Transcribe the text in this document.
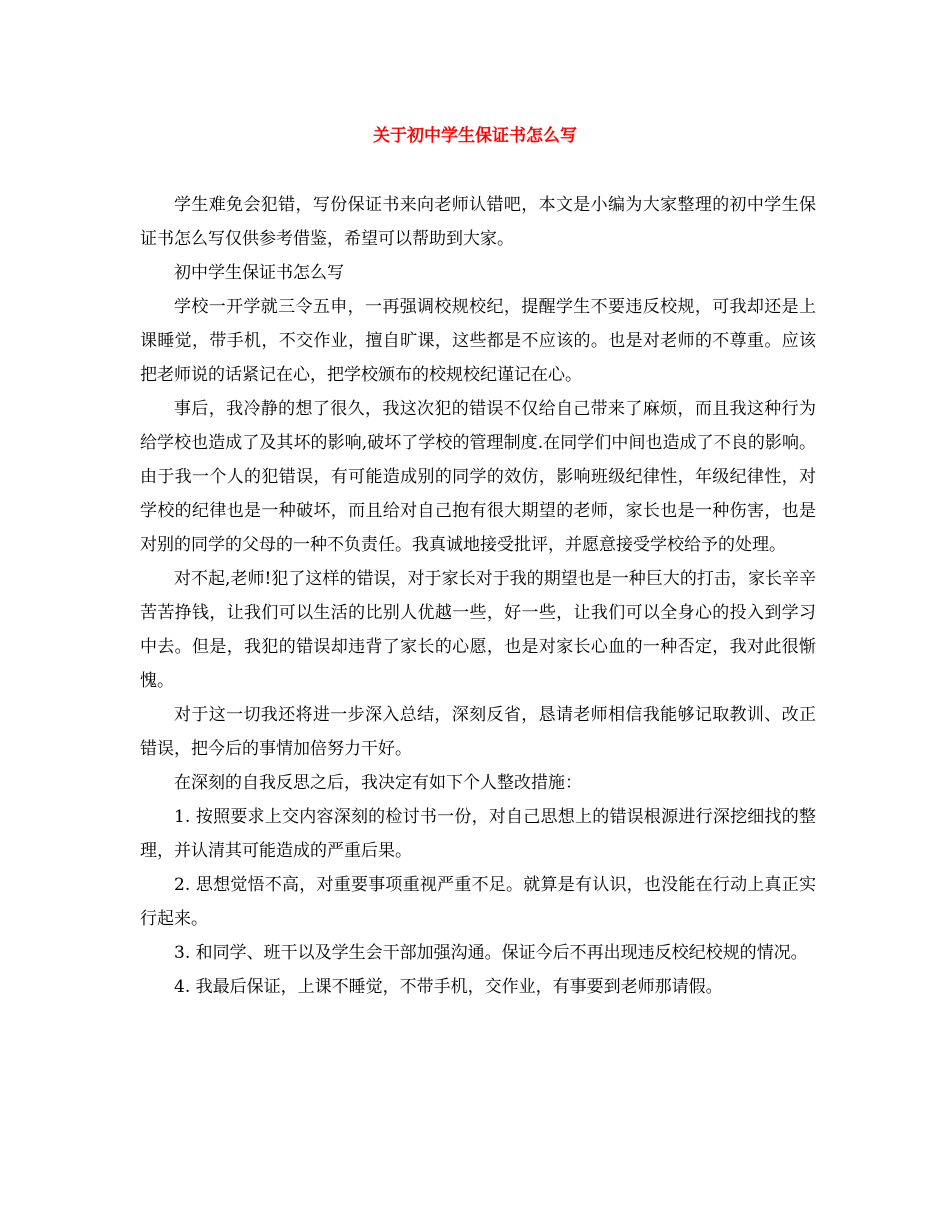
关于初中学生保证书怎么写

学生难免会犯错，写份保证书来向老师认错吧，本文是小编为大家整理的初中学生保证书怎么写仅供参考借鉴，希望可以帮助到大家。

初中学生保证书怎么写

学校一开学就三令五申，一再强调校规校纪，提醒学生不要违反校规，可我却还是上课睡觉，带手机，不交作业，擅自旷课，这些都是不应该的。也是对老师的不尊重。应该把老师说的话紧记在心，把学校颁布的校规校纪谨记在心。

事后，我冷静的想了很久，我这次犯的错误不仅给自己带来了麻烦，而且我这种行为给学校也造成了及其坏的影响,破坏了学校的管理制度.在同学们中间也造成了不良的影响。由于我一个人的犯错误，有可能造成别的同学的效仿，影响班级纪律性，年级纪律性，对学校的纪律也是一种破坏，而且给对自己抱有很大期望的老师，家长也是一种伤害，也是对别的同学的父母的一种不负责任。我真诚地接受批评，并愿意接受学校给予的处理。

对不起,老师!犯了这样的错误，对于家长对于我的期望也是一种巨大的打击，家长辛辛苦苦挣钱，让我们可以生活的比别人优越一些，好一些，让我们可以全身心的投入到学习中去。但是，我犯的错误却违背了家长的心愿，也是对家长心血的一种否定，我对此很惭愧。

对于这一切我还将进一步深入总结，深刻反省，恳请老师相信我能够记取教训、改正错误，把今后的事情加倍努力干好。

在深刻的自我反思之后，我决定有如下个人整改措施：

1. 按照要求上交内容深刻的检讨书一份，对自己思想上的错误根源进行深挖细找的整理，并认清其可能造成的严重后果。

2. 思想觉悟不高，对重要事项重视严重不足。就算是有认识，也没能在行动上真正实行起来。

3. 和同学、班干以及学生会干部加强沟通。保证今后不再出现违反校纪校规的情况。

4. 我最后保证，上课不睡觉，不带手机，交作业，有事要到老师那请假。
